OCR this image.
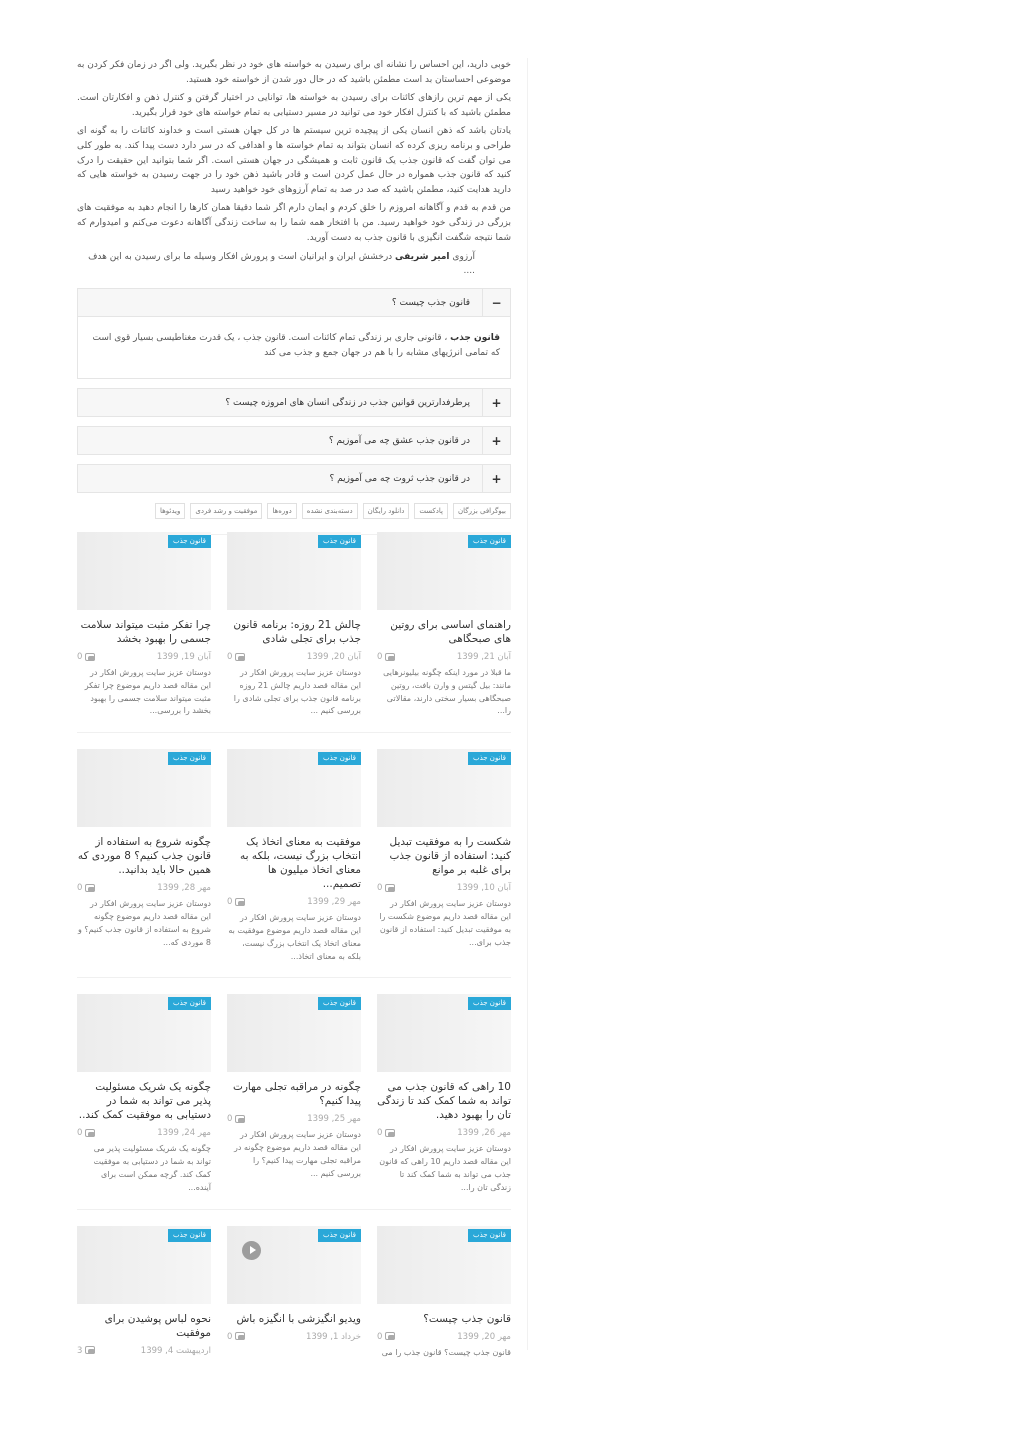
خوبی دارید، این احساس را نشانه ای برای رسیدن به خواسته های خود در نظر بگیرید. ولی اگر در زمان فکر کردن به موضوعی احساستان بد است مطمئن باشید که در حال دور شدن از خواسته خود هستید.

یکی از مهم ترین رازهای کائنات برای رسیدن به خواسته ها، توانایی در اختیار گرفتن و کنترل ذهن و افکارتان است. مطمئن باشید که با کنترل افکار خود می توانید در مسیر دستیابی به تمام خواسته های خود قرار بگیرید.

یادتان باشد که ذهن انسان یکی از پیچیده ترین سیستم ها در کل جهان هستی است و خداوند کائنات را به گونه ای طراحی و برنامه ریزی کرده که انسان بتواند به تمام خواسته ها و اهدافی که در سر دارد دست پیدا کند. به طور کلی می توان گفت که قانون جذب یک قانون ثابت و همیشگی در جهان هستی است. اگر شما بتوانید این حقیقت را درک کنید که قانون جذب همواره در حال عمل کردن است و قادر باشید ذهن خود را در جهت رسیدن به خواسته هایی که دارید هدایت کنید، مطمئن باشید که صد در صد به تمام آرزوهای خود خواهید رسید

من قدم به قدم و آگاهانه امروزم را خلق کردم و ایمان دارم اگر شما دقیقا همان کارها را انجام دهید به موفقیت های بزرگی در زندگی خود خواهید رسید. من با افتخار همه شما را به ساخت زندگی آگاهانه دعوت می‌کنم و امیدوارم که شما نتیجه شگفت انگیزی با قانون جذب به دست آورید.

آرزوی امیر شریفی درخشش ایران و ایرانیان است و پرورش افکار وسیله ما برای رسیدن به این هدف ....
−
قانون جذب چیست ؟
قانون جذب ، قانونی جاری بر زندگی تمام کائنات است. قانون جذب ، یک قدرت مغناطیسی بسیار قوی است که تمامی انرژیهای مشابه را با هم در جهان جمع و جذب می کند
+
پرطرفدارترین قوانین جذب در زندگی انسان های امروزه چیست ؟
+
در قانون جذب عشق چه می آموزیم ؟
+
در قانون جذب ثروت چه می آموزیم ؟
بیوگرافی بزرگان
پادکست
دانلود رایگان
دسته‌بندی نشده
دوره‌ها
موفقیت و رشد فردی
ویدئوها
قانون جذب
راهنمای اساسی برای روتین های صبحگاهی
آبان 21, 1399
0
ما قبلا در مورد اینکه چگونه بیلیونرهایی مانند: بیل گیتس و وارن بافت، روتین صبحگاهی بسیار سختی دارند، مقالاتی را...
قانون جذب
چالش 21 روزه: برنامه قانون جذب برای تجلی شادی
آبان 20, 1399
0
دوستان عزیز سایت پرورش افکار در این مقاله قصد داریم چالش 21 روزه برنامه قانون جذب برای تجلی شادی را بررسی کنیم ...
قانون جذب
چرا تفکر مثبت میتواند سلامت جسمی را بهبود بخشد
آبان 19, 1399
0
دوستان عزیز سایت پرورش افکار در این مقاله قصد داریم موضوع چرا تفکر مثبت میتواند سلامت جسمی را بهبود بخشد را بررسی...
قانون جذب
شکست را به موفقیت تبدیل کنید: استفاده از قانون جذب برای غلبه بر موانع
آبان 10, 1399
0
دوستان عزیز سایت پرورش افکار در این مقاله قصد داریم موضوع شکست را به موفقیت تبدیل کنید: استفاده از قانون جذب برای...
قانون جذب
موفقیت به معنای اتخاذ یک انتخاب بزرگ نیست، بلکه به معنای اتخاذ میلیون ها تصمیم...
مهر 29, 1399
0
دوستان عزیز سایت پرورش افکار در این مقاله قصد داریم موضوع موفقیت به معنای اتخاذ یک انتخاب بزرگ نیست، بلکه به معنای اتخاذ...
قانون جذب
چگونه شروع به استفاده از قانون جذب کنیم؟ 8 موردی که همین حالا باید بدانید..
مهر 28, 1399
0
دوستان عزیز سایت پرورش افکار در این مقاله قصد داریم موضوع چگونه شروع به استفاده از قانون جذب کنیم؟ و 8 موردی که...
قانون جذب
10 راهی که قانون جذب می تواند به شما کمک کند تا زندگی تان را بهبود دهید.
مهر 26, 1399
0
دوستان عزیز سایت پرورش افکار در این مقاله قصد داریم 10 راهی که قانون جذب می تواند به شما کمک کند تا زندگی تان را...
قانون جذب
چگونه در مراقبه تجلی مهارت پیدا کنیم؟
مهر 25, 1399
0
دوستان عزیز سایت پرورش افکار در این مقاله قصد داریم موضوع چگونه در مراقبه تجلی مهارت پیدا کنیم؟ را بررسی کنیم ...
قانون جذب
چگونه یک شریک مسئولیت پذیر می تواند به شما در دستیابی به موفقیت کمک کند..
مهر 24, 1399
0
چگونه یک شریک مسئولیت پذیر می تواند به شما در دستیابی به موفقیت کمک کند. گرچه ممکن است برای آینده...
قانون جذب
قانون جذب چیست؟
مهر 20, 1399
0
قانون جذب چیست؟ قانون جذب را می
قانون جذب
ویدیو انگیزشی با انگیزه باش
خرداد 1, 1399
0
قانون جذب
نحوه لباس پوشیدن برای موفقیت
اردیبهشت 4, 1399
3
